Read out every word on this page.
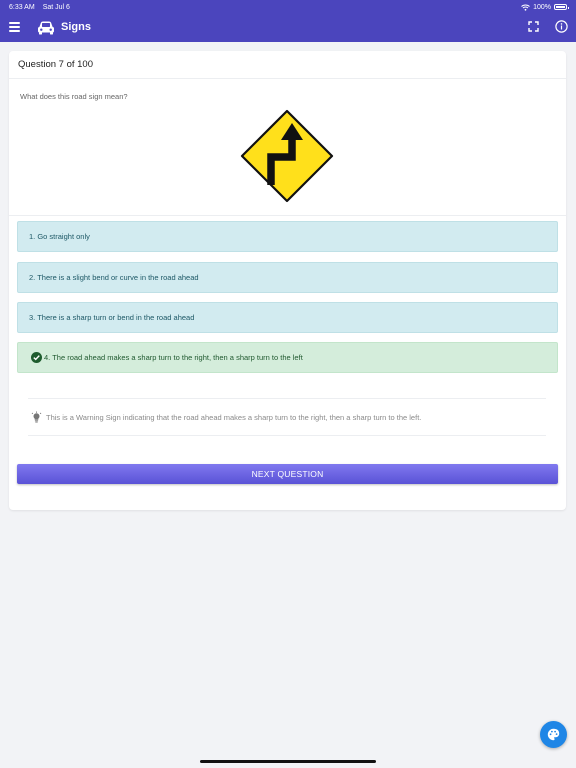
6:33 AM Sat Jul 6	100%
Signs
Question 7 of 100
What does this road sign mean?
1. Go straight only
2. There is a slight bend or curve in the road ahead
3. There is a sharp turn or bend in the road ahead
4. The road ahead makes a sharp turn to the right, then a sharp turn to the left
This is a Warning Sign indicating that the road ahead makes a sharp turn to the right, then a sharp turn to the left.
NEXT QUESTION
